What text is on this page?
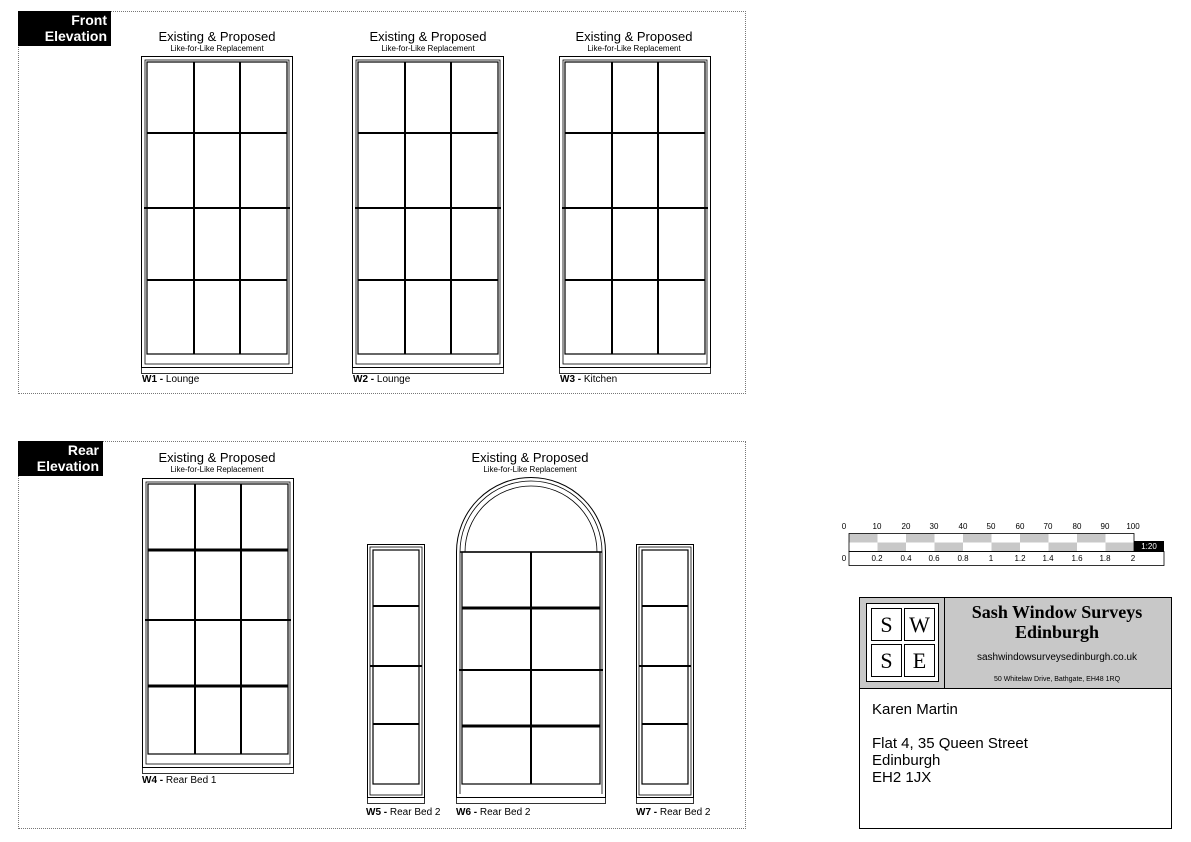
Front
Elevation	Existing & Proposed
Like-for-Like Replacement
Existing & Proposed
Like-for-Like Replacement
Existing & Proposed
Like-for-Like Replacement
W1 - Lounge	W2 - Lounge	W3 - Kitchen
Rear
Elevation
Existing & Proposed
Like-for-Like Replacement
Existing & Proposed
Like-for-Like Replacement
W4 - Rear Bed 1
W5 - Rear Bed 2 W6 - Rear Bed 2	W7 - Rear Bed 2
0	10	20 30	40 50	60 70	80 90 100
0	0.2 0.4 0.6 0.8	1	1.2 1.4 1.6 1.8	2
1:20
S W
S E
Sash Window Surveys
Edinburgh
sashwindowsurveysedinburgh.co.uk
50 Whitelaw Drive, Bathgate, EH48 1RQ
Karen Martin
Flat 4, 35 Queen Street
Edinburgh
EH2 1JX
